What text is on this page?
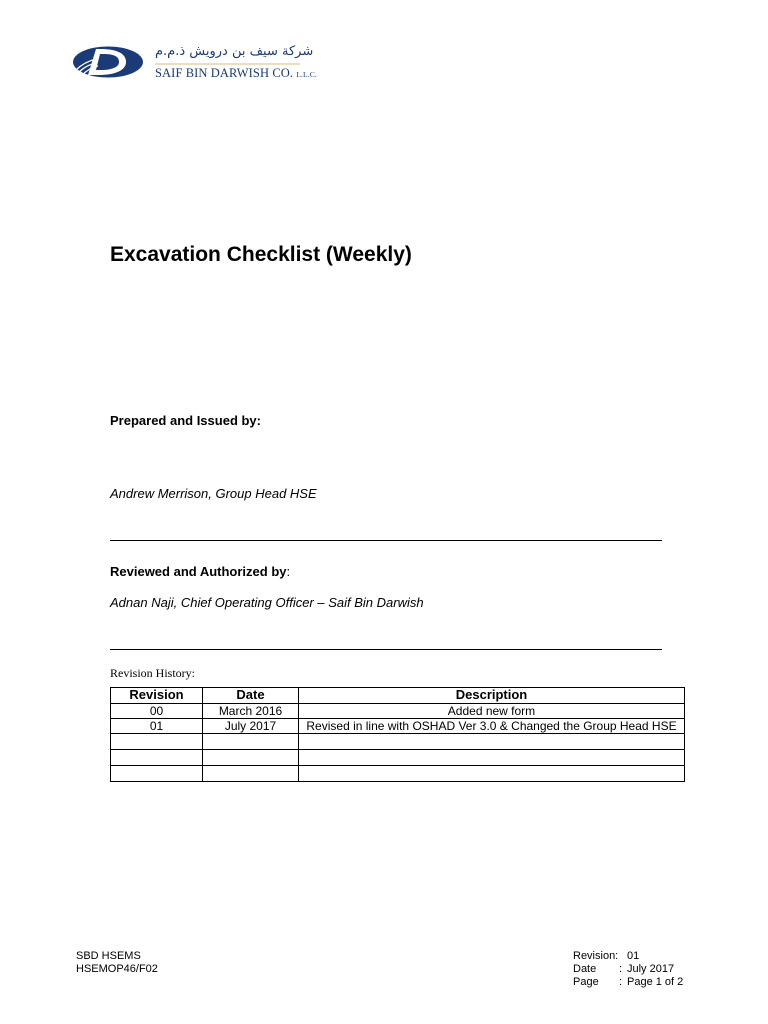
شركة سيف بن درويش ذ.م.م
SAIF BIN DARWISH CO. L.L.C.
Excavation Checklist (Weekly)
Prepared and Issued by:
Andrew Merrison, Group Head HSE
Reviewed and Authorized by:
Adnan Naji, Chief Operating Officer – Saif Bin Darwish
Revision History:
Revision	Date	Description
00	March 2016	Added new form
01	July 2017	Revised in line with OSHAD Ver 3.0 & Changed the Group Head HSE

SBD HSEMS
HSEMOP46/F02
Revision: 01
Date : July 2017
Page : Page 1 of 2
